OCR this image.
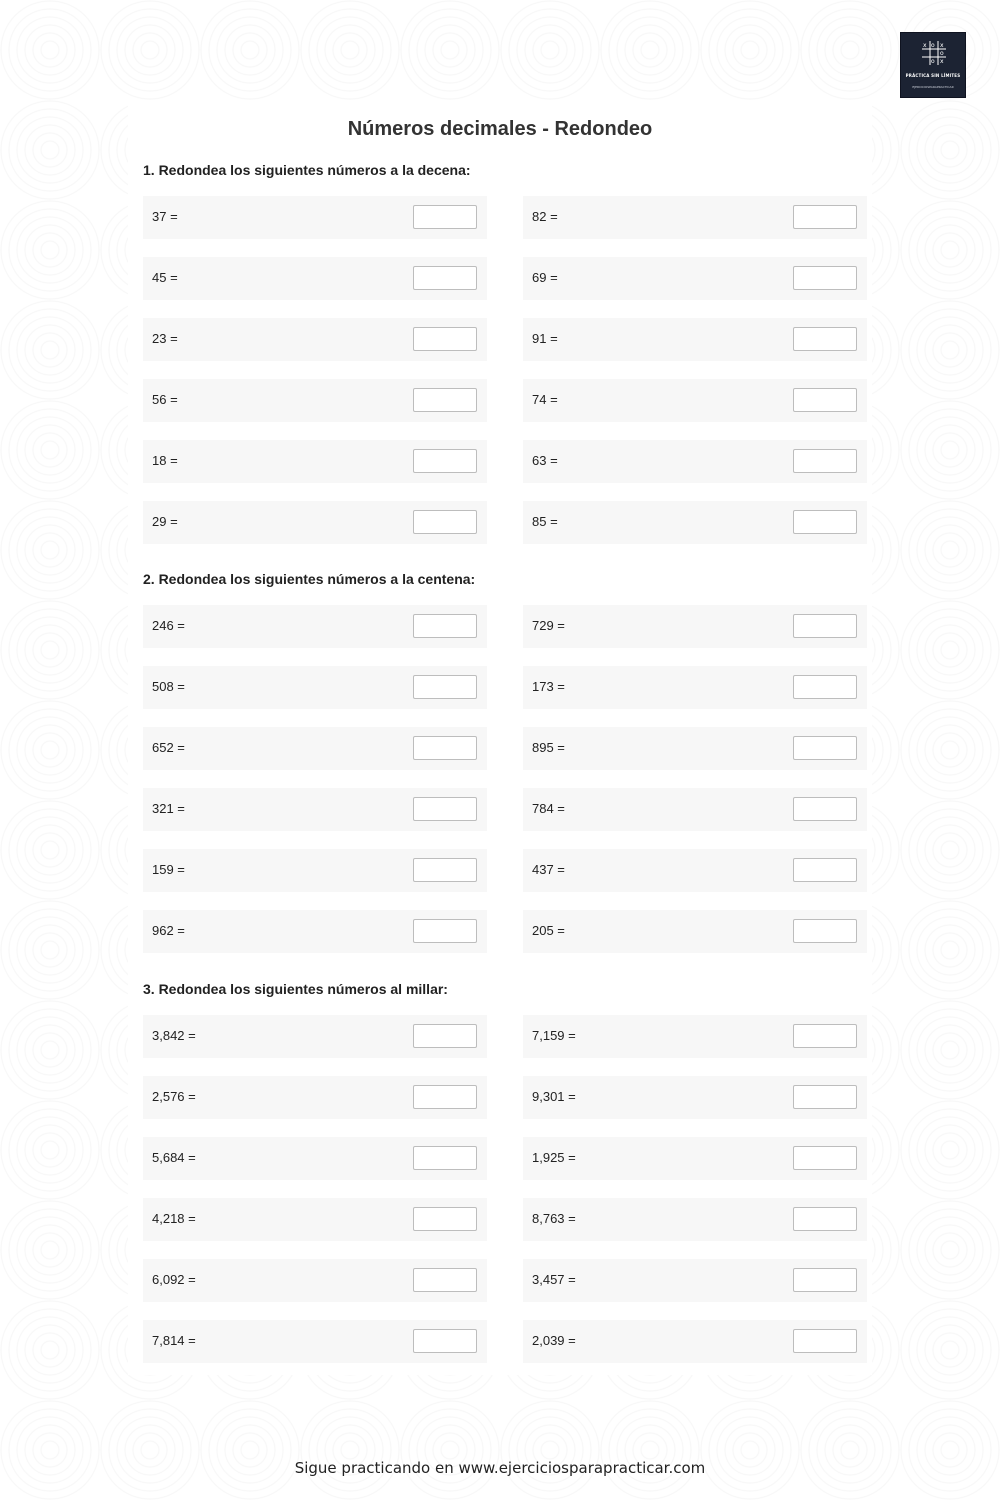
x o x
o
o x
PRÁCTICA SIN LÍMITES
EJERCICIOSPARAPRACTICAR
Números decimales - Redondeo
1. Redondea los siguientes números a la decena:
37 =	82 =
45 =	69 =
23 =	91 =
56 =	74 =
18 =	63 =
29 =	85 =
2. Redondea los siguientes números a la centena:
246 =	729 =
508 =	173 =
652 =	895 =
321 =	784 =
159 =	437 =
962 =	205 =
3. Redondea los siguientes números al millar:
3,842 =	7,159 =
2,576 =	9,301 =
5,684 =	1,925 =
4,218 =	8,763 =
6,092 =	3,457 =
7,814 =	2,039 =
Sigue practicando en www.ejerciciosparapracticar.com
